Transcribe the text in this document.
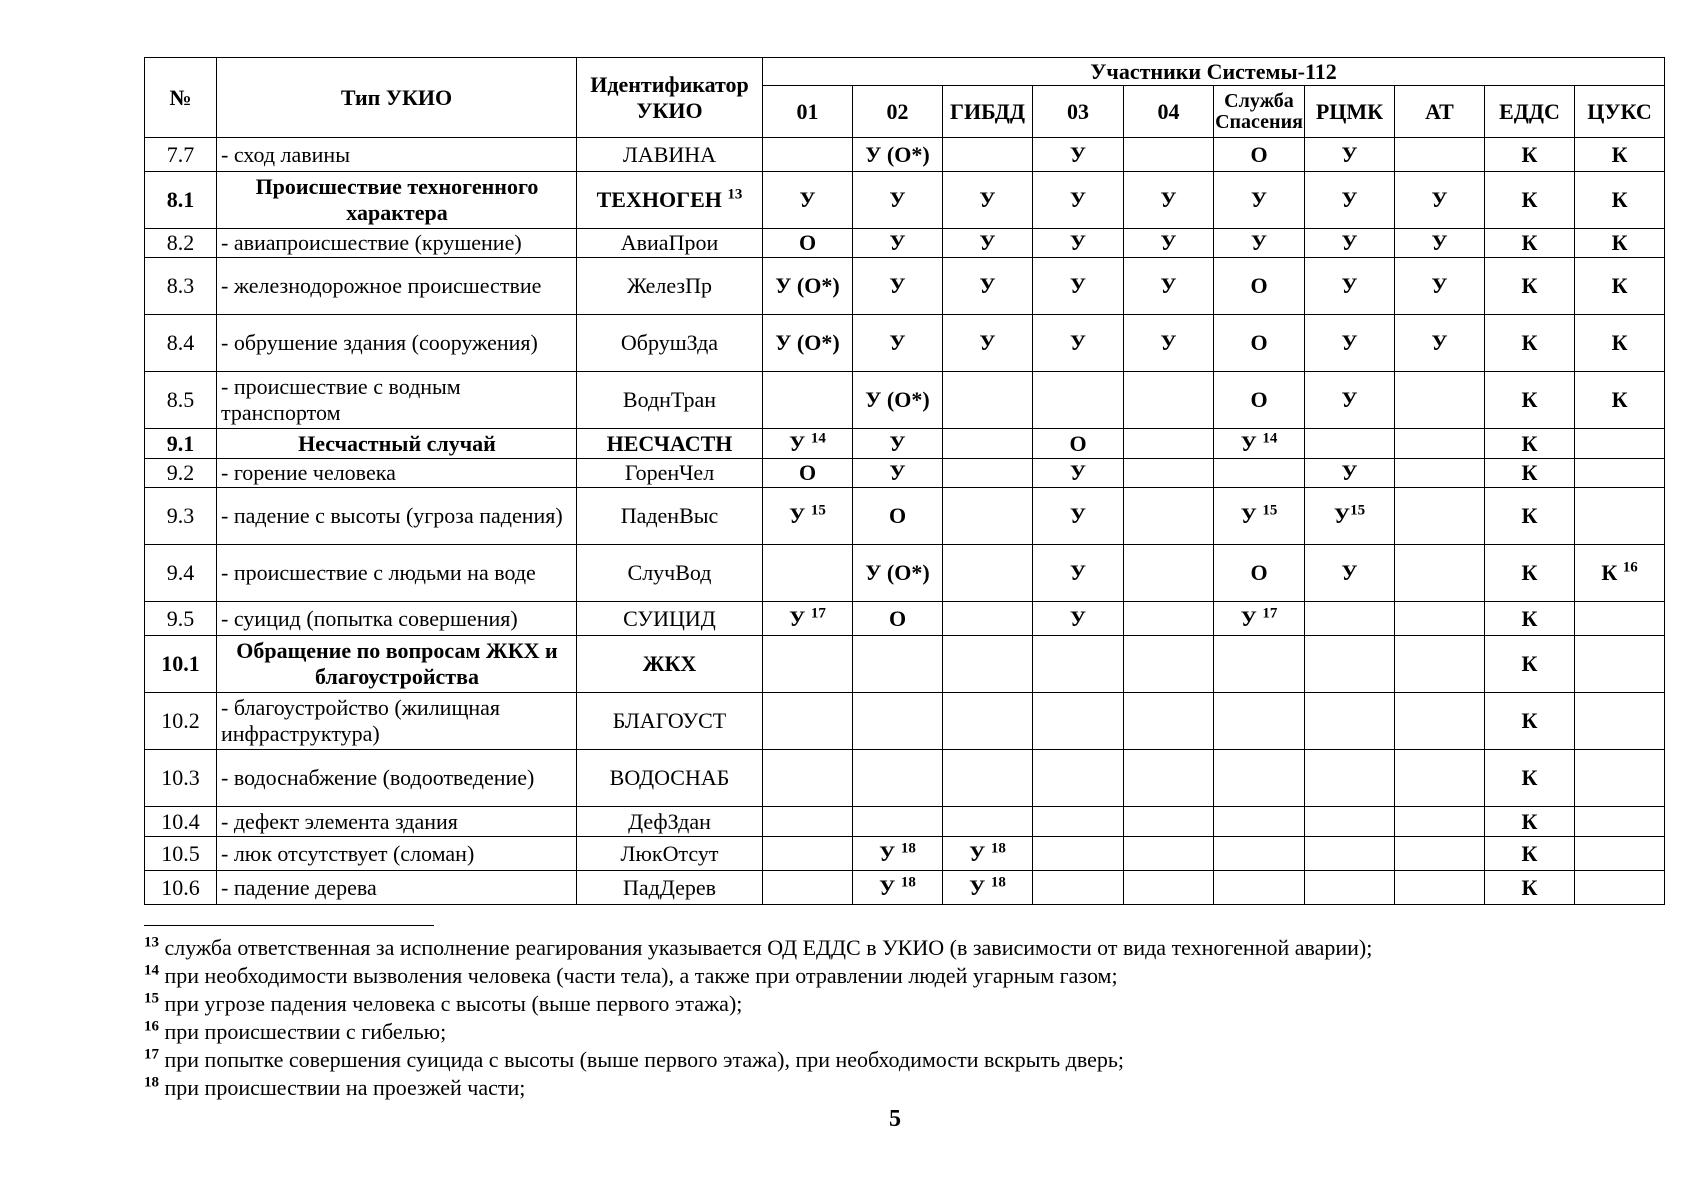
№	Тип УКИО	Идентификатор
УКИО	Участники Системы-112									
			01	02	ГИБДД	03	04	Служба Спасения	РЦМК	АТ	ЕДДС	ЦУКС
7.7	- сход лавины	ЛАВИНА		У (О*)		У		О	У		К	К
8.1	Происшествие техногенного характера	ТЕХНОГЕН $^{13}$	У	У	У	У	У	У	У	У	К	К
8.2	- авиапроисшествие (крушение)	АвиаПрои	О	У	У	У	У	У	У	У	К	К
8.3	- железнодорожное происшествие	ЖелезПр	У (О*)	У	У	У	У	О	У	У	К	К
8.4	- обрушение здания (сооружения)	ОбрушЗда	У (О*)	У	У	У	У	О	У	У	К	К
8.5	- происшествие с водным транспортом	ВоднТран		У (О*)				О	У		К	К
9.1	Несчастный случай	НЕСЧАСТН	У $^{14}$	У		О		У $^{14}$			К	
9.2	- горение человека	ГоренЧел	О	У		У			У		К	
9.3	- падение с высоты (угроза падения)	ПаденВыс	У $^{15}$	О		У		У $^{15}$	$У^{15}$		К	
9.4	- происшествие с людьми на воде	СлучВод		У (О*)		У		О	У		К	К $^{16}$
9.5	- суицид (попытка совершения)	СУИЦИД	У $^{17}$	О		У		У $^{17}$			К	
10.1	Обращение по вопросам ЖКХ и благоустройства	ЖКХ									К	
10.2	- благоустройство (жилищная инфраструктура)	БЛАГОУСТ									К	
10.3	- водоснабжение (водоотведение)	ВОДОСНАБ									К	
10.4	- дефект элемента здания	ДефЗдан									К	
10.5	- люк отсутствует (сломан)	ЛюкОтсут		У $^{18}$	У $^{18}$						К	
10.6	- падение дерева	ПадДерев		У $^{18}$	У $^{18}$						К	
$^{13}$ служба ответственная за исполнение реагирования указывается ОД ЕДДС в УКИО (в зависимости от вида техногенной аварии);
$^{14}$ при необходимости вызволения человека (части тела), а также при отравлении людей угарным газом;
$^{15}$ при угрозе падения человека с высоты (выше первого этажа);
$^{16}$ при происшествии с гибелью;
$^{17}$ при попытке совершения суицида с высоты (выше первого этажа), при необходимости вскрыть дверь;
$^{18}$ при происшествии на проезжей части;
5
